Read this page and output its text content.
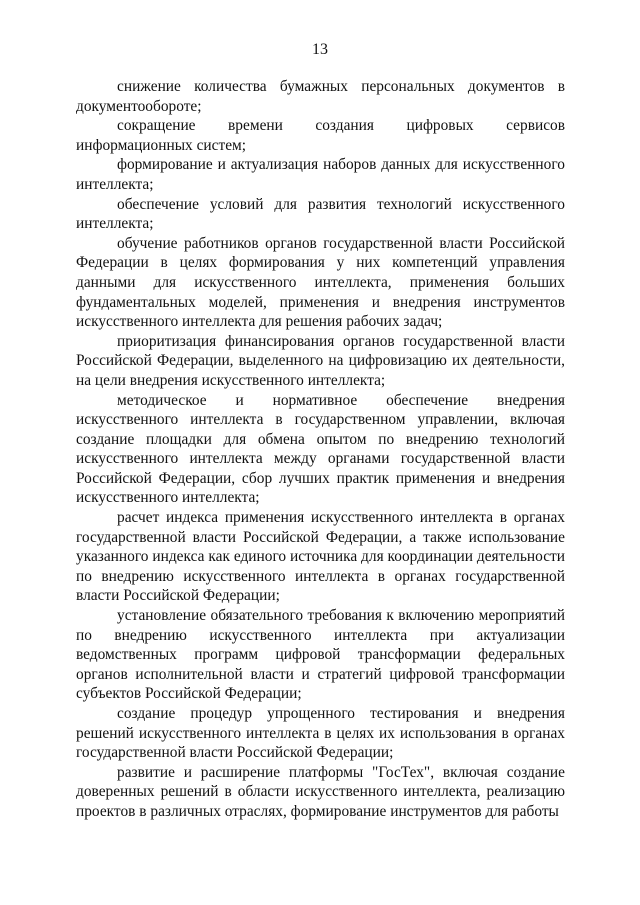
13

снижение количества бумажных персональных документов в документообороте;

сокращение времени создания цифровых сервисов информационных систем;

формирование и актуализация наборов данных для искусственного интеллекта;

обеспечение условий для развития технологий искусственного интеллекта;

обучение работников органов государственной власти Российской Федерации в целях формирования у них компетенций управления данными для искусственного интеллекта, применения больших фундаментальных моделей, применения и внедрения инструментов искусственного интеллекта для решения рабочих задач;

приоритизация финансирования органов государственной власти Российской Федерации, выделенного на цифровизацию их деятельности, на цели внедрения искусственного интеллекта;

методическое и нормативное обеспечение внедрения искусственного интеллекта в государственном управлении, включая создание площадки для обмена опытом по внедрению технологий искусственного интеллекта между органами государственной власти Российской Федерации, сбор лучших практик применения и внедрения искусственного интеллекта;

расчет индекса применения искусственного интеллекта в органах государственной власти Российской Федерации, а также использование указанного индекса как единого источника для координации деятельности по внедрению искусственного интеллекта в органах государственной власти Российской Федерации;

установление обязательного требования к включению мероприятий по внедрению искусственного интеллекта при актуализации ведомственных программ цифровой трансформации федеральных органов исполнительной власти и стратегий цифровой трансформации субъектов Российской Федерации;

создание процедур упрощенного тестирования и внедрения решений искусственного интеллекта в целях их использования в органах государственной власти Российской Федерации;

развитие и расширение платформы "ГосТех", включая создание доверенных решений в области искусственного интеллекта, реализацию проектов в различных отраслях, формирование инструментов для работы
